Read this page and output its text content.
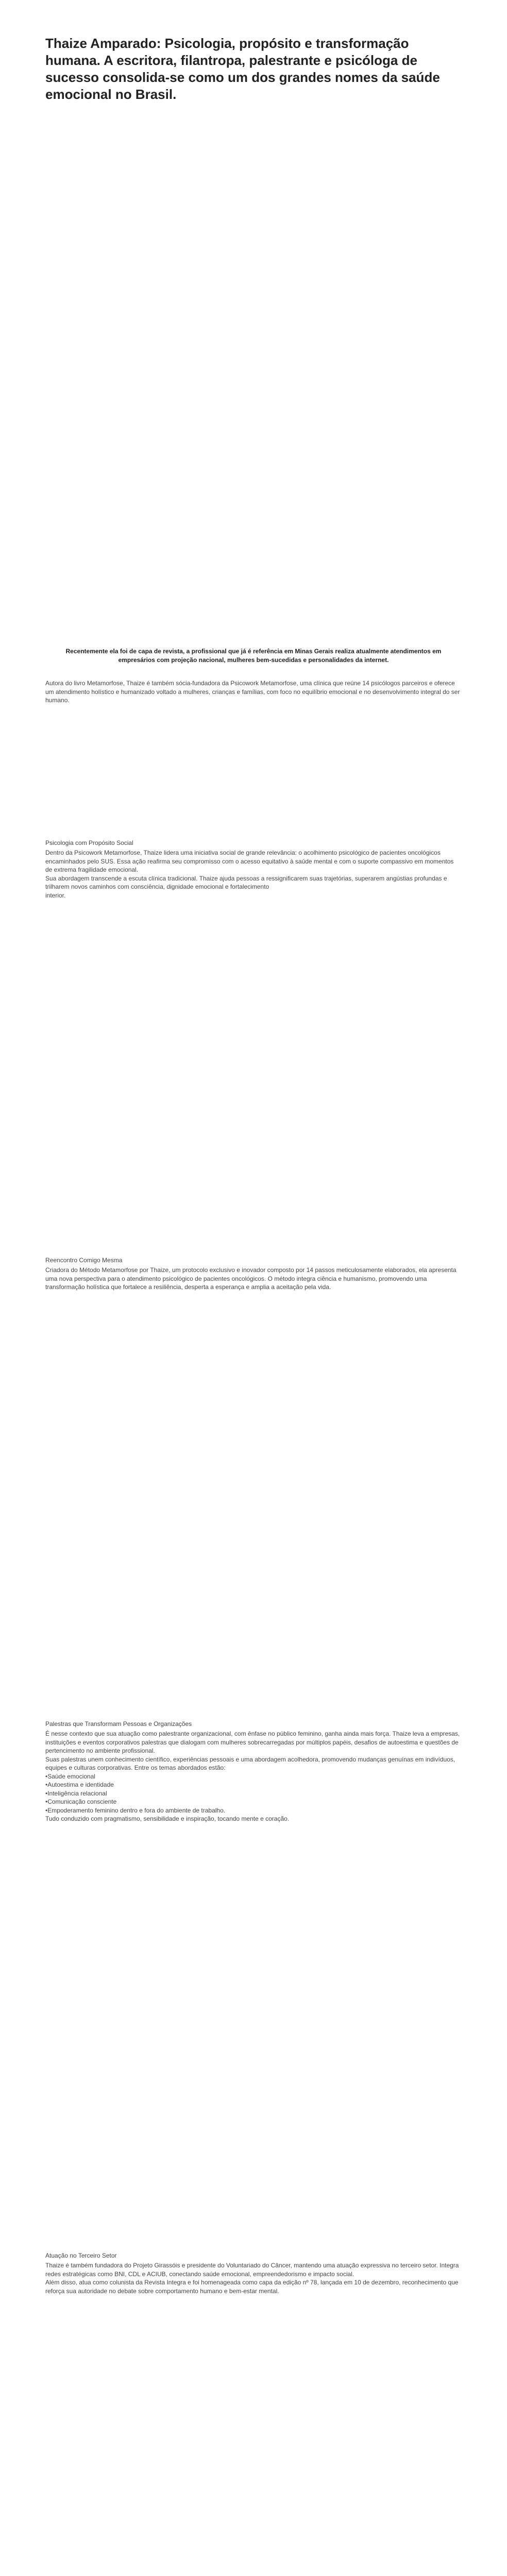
Thaize Amparado: Psicologia, propósito e transformação humana. A escritora, filantropa, palestrante e psicóloga de sucesso consolida-se como um dos grandes nomes da saúde emocional no Brasil.
Recentemente ela foi de capa de revista, a profissional que já é referência em Minas Gerais realiza atualmente atendimentos em empresários com projeção nacional, mulheres bem-sucedidas e personalidades da internet.

Autora do livro Metamorfose, Thaize é também sócia-fundadora da Psicowork Metamorfose, uma clínica que reúne 14 psicólogos parceiros e oferece um atendimento holístico e humanizado voltado a mulheres, crianças e famílias, com foco no equilíbrio emocional e no desenvolvimento integral do ser humano.

Psicologia com Propósito Social

Dentro da Psicowork Metamorfose, Thaize lidera uma iniciativa social de grande relevância: o acolhimento psicológico de pacientes oncológicos encaminhados pelo SUS. Essa ação reafirma seu compromisso com o acesso equitativo à saúde mental e com o suporte compassivo em momentos de extrema fragilidade emocional.

Sua abordagem transcende a escuta clínica tradicional. Thaize ajuda pessoas a ressignificarem suas trajetórias, superarem angústias profundas e trilharem novos caminhos com consciência, dignidade emocional e fortalecimento

interior.

Reencontro Comigo Mesma

Criadora do Método Metamorfose por Thaize, um protocolo exclusivo e inovador composto por 14 passos meticulosamente elaborados, ela apresenta uma nova perspectiva para o atendimento psicológico de pacientes oncológicos. O método integra ciência e humanismo, promovendo uma transformação holística que fortalece a resiliência, desperta a esperança e amplia a aceitação pela vida.

Palestras que Transformam Pessoas e Organizações

É nesse contexto que sua atuação como palestrante organizacional, com ênfase no público feminino, ganha ainda mais força. Thaize leva a empresas, instituições e eventos corporativos palestras que dialogam com mulheres sobrecarregadas por múltiplos papéis, desafios de autoestima e questões de pertencimento no ambiente profissional.

Suas palestras unem conhecimento científico, experiências pessoais e uma abordagem acolhedora, promovendo mudanças genuínas em indivíduos, equipes e culturas corporativas. Entre os temas abordados estão:

•Saúde emocional
•Autoestima e identidade
•Inteligência relacional
•Comunicação consciente
•Empoderamento feminino dentro e fora do ambiente de trabalho.

Tudo conduzido com pragmatismo, sensibilidade e inspiração, tocando mente e coração.

Atuação no Terceiro Setor

Thaize é também fundadora do Projeto Girassóis e presidente do Voluntariado do Câncer, mantendo uma atuação expressiva no terceiro setor. Integra redes estratégicas como BNI, CDL e ACIUB, conectando saúde emocional, empreendedorismo e impacto social.

Além disso, atua como colunista da Revista Integra e foi homenageada como capa da edição nº 78, lançada em 10 de dezembro, reconhecimento que reforça sua autoridade no debate sobre comportamento humano e bem-estar mental.
